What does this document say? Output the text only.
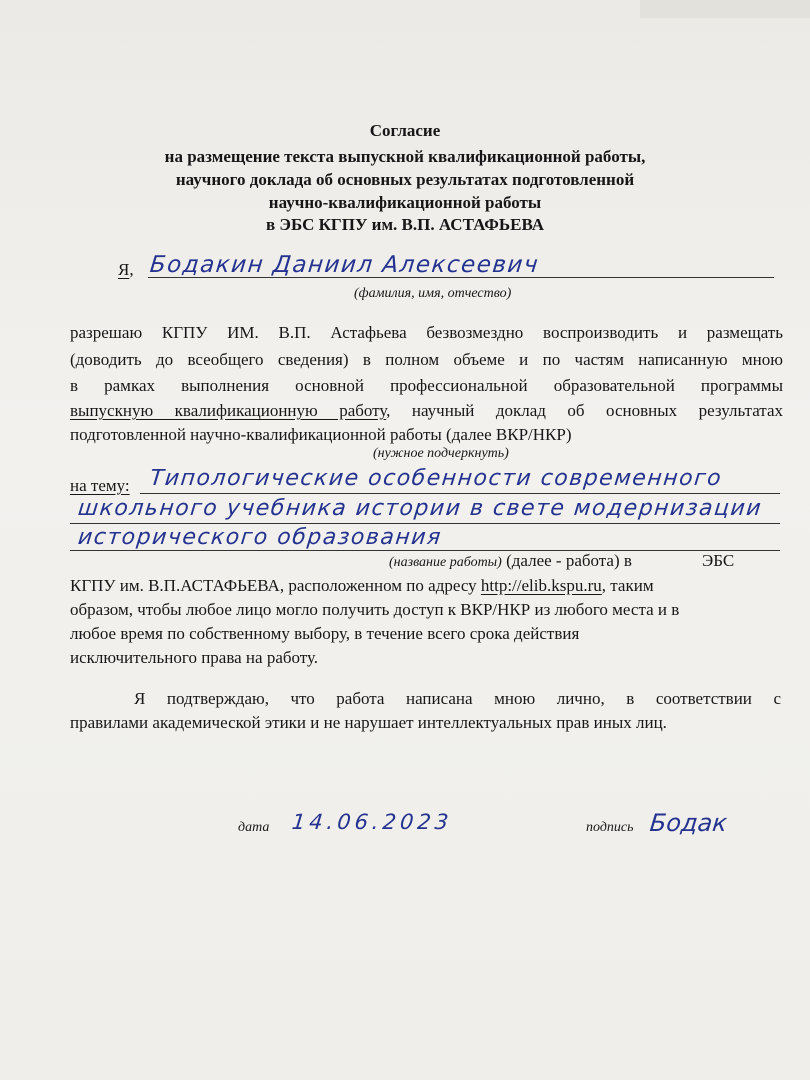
Согласие
на размещение текста выпускной квалификационной работы,
научного доклада об основных результатах подготовленной
научно-квалификационной работы
в ЭБС КГПУ им. В.П. АСТАФЬЕВА
Я, Бодакин Даниил Алексеевич
(фамилия, имя, отчество)
разрешаю КГПУ ИМ. В.П. Астафьева безвозмездно воспроизводить и размещать
(доводить до всеобщего сведения) в полном объеме и по частям написанную мною
в рамках выполнения основной профессиональной образовательной программы
выпускную квалификационную работу, научный доклад об основных результатах
подготовленной научно-квалификационной работы (далее ВКР/НКР)
(нужное подчеркнуть)
на тему: Типологические особенности современного
школьного учебника истории в свете модернизации
исторического образования
(название работы) (далее - работа) в	ЭБС
КГПУ им. В.П.АСТАФЬЕВА, расположенном по адресу http://elib.kspu.ru, таким
образом, чтобы любое лицо могло получить доступ к ВКР/НКР из любого места и в
любое время по собственному выбору, в течение всего срока действия
исключительного права на работу.
Я подтверждаю, что работа написана мною лично, в соответствии с
правилами академической этики и не нарушает интеллектуальных прав иных лиц.
дата 14.06.2023	подпись Бодак
